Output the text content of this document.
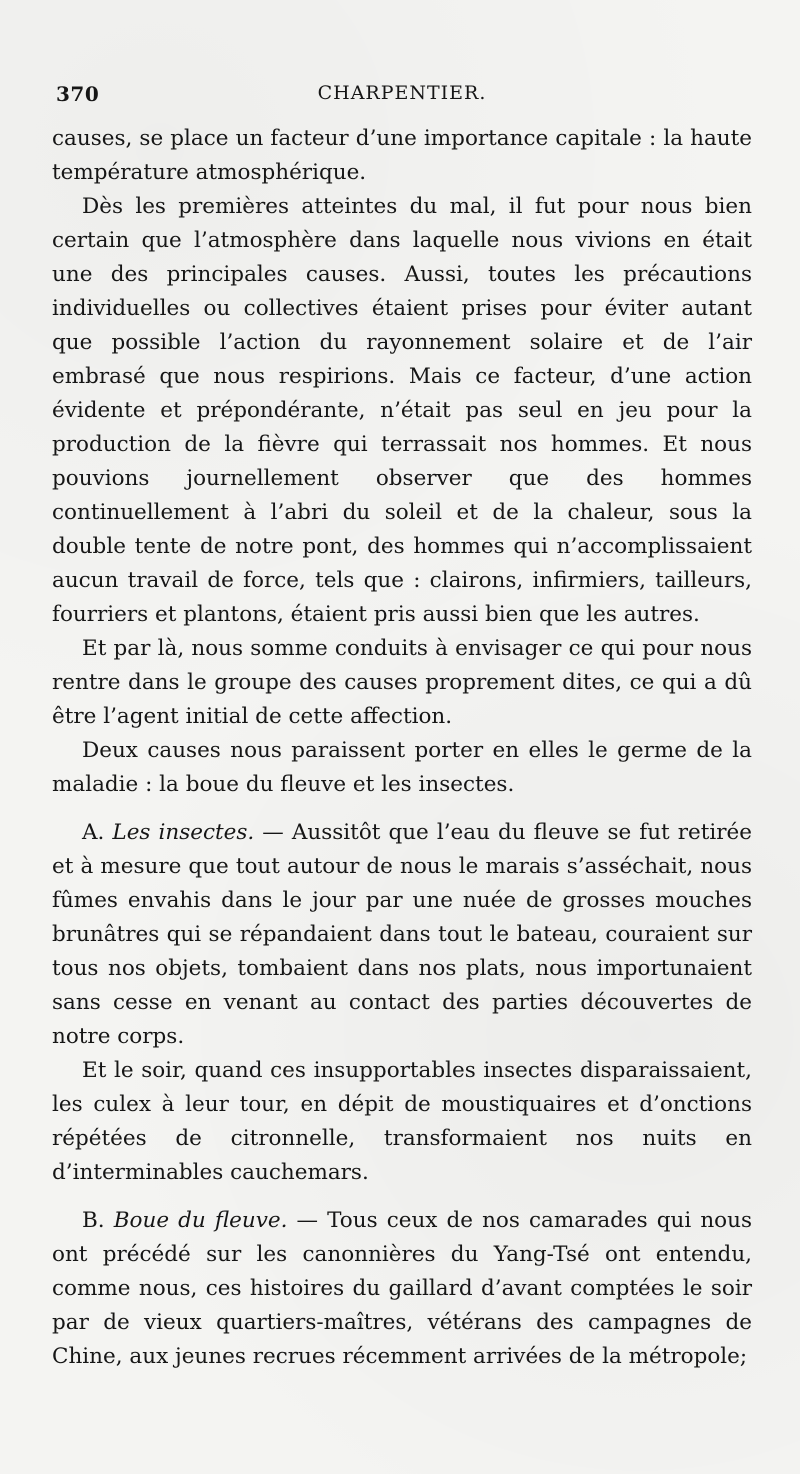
370	CHARPENTIER.

causes, se place un facteur d’une importance capitale : la haute température atmosphérique.

Dès les premières atteintes du mal, il fut pour nous bien certain que l’atmosphère dans laquelle nous vivions en était une des principales causes. Aussi, toutes les précautions individuelles ou collectives étaient prises pour éviter autant que possible l’action du rayonnement solaire et de l’air embrasé que nous respirions. Mais ce facteur, d’une action évidente et prépondérante, n’était pas seul en jeu pour la production de la fièvre qui terrassait nos hommes. Et nous pouvions journellement observer que des hommes continuellement à l’abri du soleil et de la chaleur, sous la double tente de notre pont, des hommes qui n’accomplissaient aucun travail de force, tels que : clairons, infirmiers, tailleurs, fourriers et plantons, étaient pris aussi bien que les autres.

Et par là, nous somme conduits à envisager ce qui pour nous rentre dans le groupe des causes proprement dites, ce qui a dû être l’agent initial de cette affection.

Deux causes nous paraissent porter en elles le germe de la maladie : la boue du fleuve et les insectes.

A. Les insectes. — Aussitôt que l’eau du fleuve se fut retirée et à mesure que tout autour de nous le marais s’asséchait, nous fûmes envahis dans le jour par une nuée de grosses mouches brunâtres qui se répandaient dans tout le bateau, couraient sur tous nos objets, tombaient dans nos plats, nous importunaient sans cesse en venant au contact des parties découvertes de notre corps.

Et le soir, quand ces insupportables insectes disparaissaient, les culex à leur tour, en dépit de moustiquaires et d’onctions répétées de citronnelle, transformaient nos nuits en d’interminables cauchemars.

B. Boue du fleuve. — Tous ceux de nos camarades qui nous ont précédé sur les canonnières du Yang-Tsé ont entendu, comme nous, ces histoires du gaillard d’avant comptées le soir par de vieux quartiers-maîtres, vétérans des campagnes de Chine, aux jeunes recrues récemment arrivées de la métropole;
